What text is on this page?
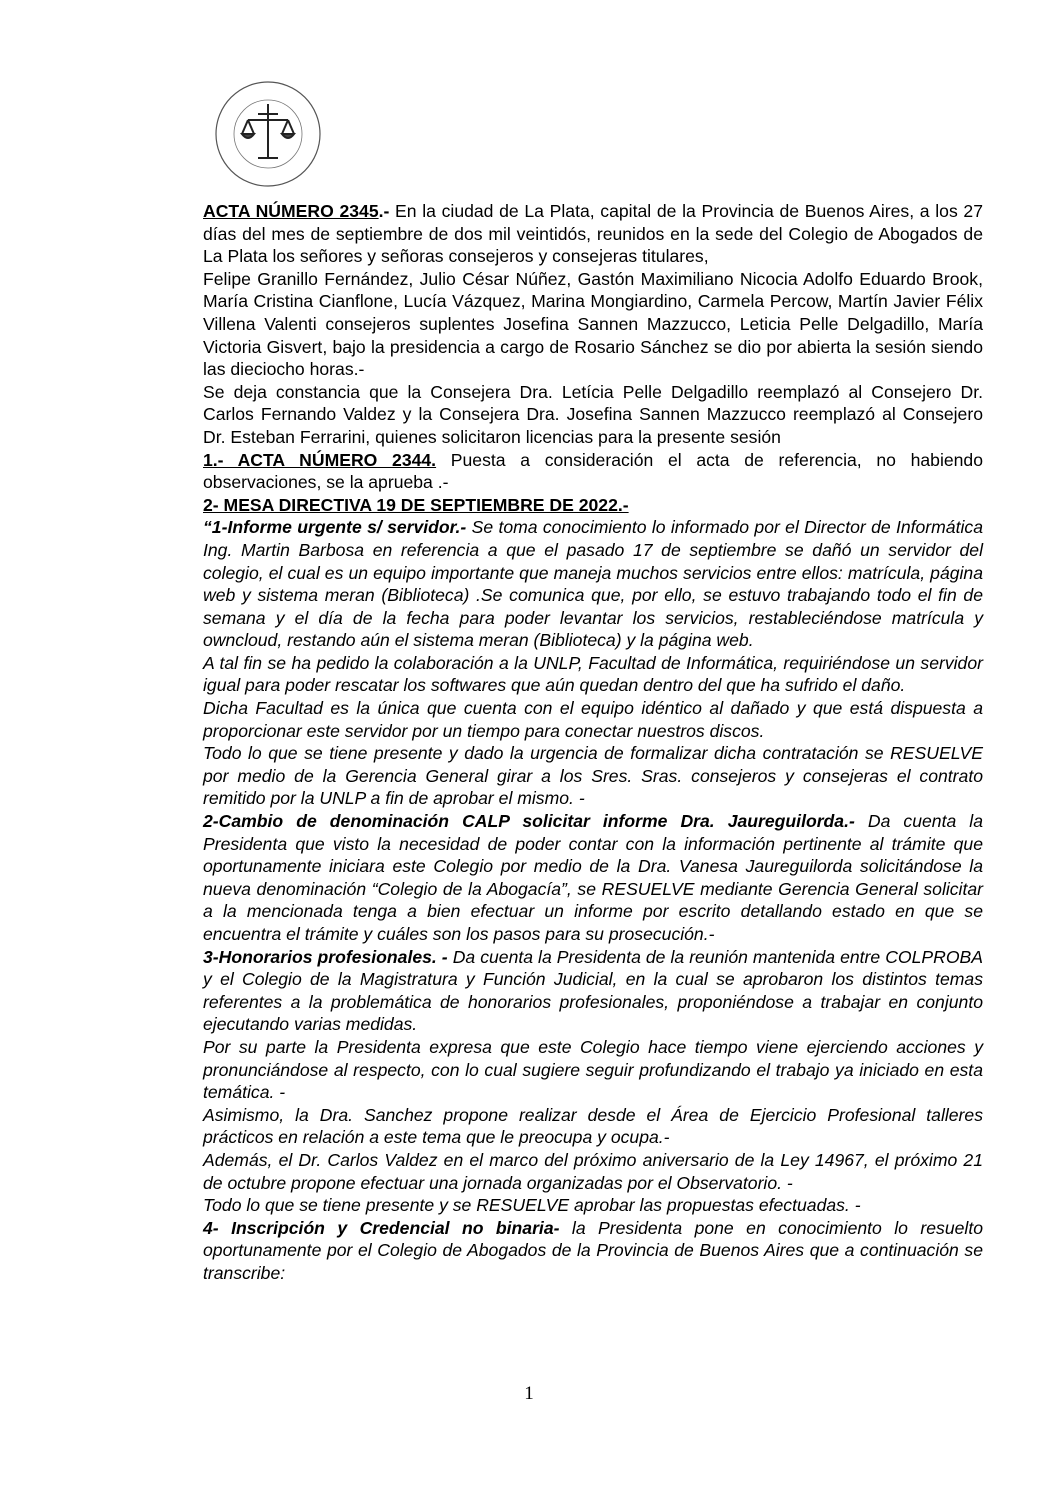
ACTA NÚMERO 2345.- En la ciudad de La Plata, capital de la Provincia de Buenos Aires, a los 27 días del mes de septiembre de dos mil veintidós, reunidos en la sede del Colegio de Abogados de La Plata los señores y señoras consejeros y consejeras titulares,

Felipe Granillo Fernández, Julio César Núñez, Gastón Maximiliano Nicocia Adolfo Eduardo Brook, María Cristina Cianflone, Lucía Vázquez, Marina Mongiardino, Carmela Percow, Martín Javier Félix Villena Valenti consejeros suplentes Josefina Sannen Mazzucco, Leticia Pelle Delgadillo, María Victoria Gisvert, bajo la presidencia a cargo de Rosario Sánchez se dio por abierta la sesión siendo las dieciocho horas.-

Se deja constancia que la Consejera Dra. Letícia Pelle Delgadillo reemplazó al Consejero Dr. Carlos Fernando Valdez y la Consejera Dra. Josefina Sannen Mazzucco reemplazó al Consejero Dr. Esteban Ferrarini, quienes solicitaron licencias para la presente sesión

1.- ACTA NÚMERO 2344. Puesta a consideración el acta de referencia, no habiendo observaciones, se la aprueba .-

2- MESA DIRECTIVA 19 DE SEPTIEMBRE DE 2022.-

“1-Informe urgente s/ servidor.- Se toma conocimiento lo informado por el Director de Informática Ing. Martin Barbosa en referencia a que el pasado 17 de septiembre se dañó un servidor del colegio, el cual es un equipo importante que maneja muchos servicios entre ellos: matrícula, página web y sistema meran (Biblioteca) .Se comunica que, por ello, se estuvo trabajando todo el fin de semana y el día de la fecha para poder levantar los servicios, restableciéndose matrícula y owncloud, restando aún el sistema meran (Biblioteca) y la página web.

A tal fin se ha pedido la colaboración a la UNLP, Facultad de Informática, requiriéndose un servidor igual para poder rescatar los softwares que aún quedan dentro del que ha sufrido el daño.

Dicha Facultad es la única que cuenta con el equipo idéntico al dañado y que está dispuesta a proporcionar este servidor por un tiempo para conectar nuestros discos.

Todo lo que se tiene presente y dado la urgencia de formalizar dicha contratación se RESUELVE por medio de la Gerencia General girar a los Sres. Sras. consejeros y consejeras el contrato remitido por la UNLP a fin de aprobar el mismo. -

2-Cambio de denominación CALP solicitar informe Dra. Jaureguilorda.- Da cuenta la Presidenta que visto la necesidad de poder contar con la información pertinente al trámite que oportunamente iniciara este Colegio por medio de la Dra. Vanesa Jaureguilorda solicitándose la nueva denominación “Colegio de la Abogacía”, se RESUELVE mediante Gerencia General solicitar a la mencionada tenga a bien efectuar un informe por escrito detallando estado en que se encuentra el trámite y cuáles son los pasos para su prosecución.-

3-Honorarios profesionales. - Da cuenta la Presidenta de la reunión mantenida entre COLPROBA y el Colegio de la Magistratura y Función Judicial, en la cual se aprobaron los distintos temas referentes a la problemática de honorarios profesionales, proponiéndose a trabajar en conjunto ejecutando varias medidas.

Por su parte la Presidenta expresa que este Colegio hace tiempo viene ejerciendo acciones y pronunciándose al respecto, con lo cual sugiere seguir profundizando el trabajo ya iniciado en esta temática. -

Asimismo, la Dra. Sanchez propone realizar desde el Área de Ejercicio Profesional talleres prácticos en relación a este tema que le preocupa y ocupa.-

Además, el Dr. Carlos Valdez en el marco del próximo aniversario de la Ley 14967, el próximo 21 de octubre propone efectuar una jornada organizadas por el Observatorio. -

Todo lo que se tiene presente y se RESUELVE aprobar las propuestas efectuadas. -

4- Inscripción y Credencial no binaria- la Presidenta pone en conocimiento lo resuelto oportunamente por el Colegio de Abogados de la Provincia de Buenos Aires que a continuación se transcribe:

1
